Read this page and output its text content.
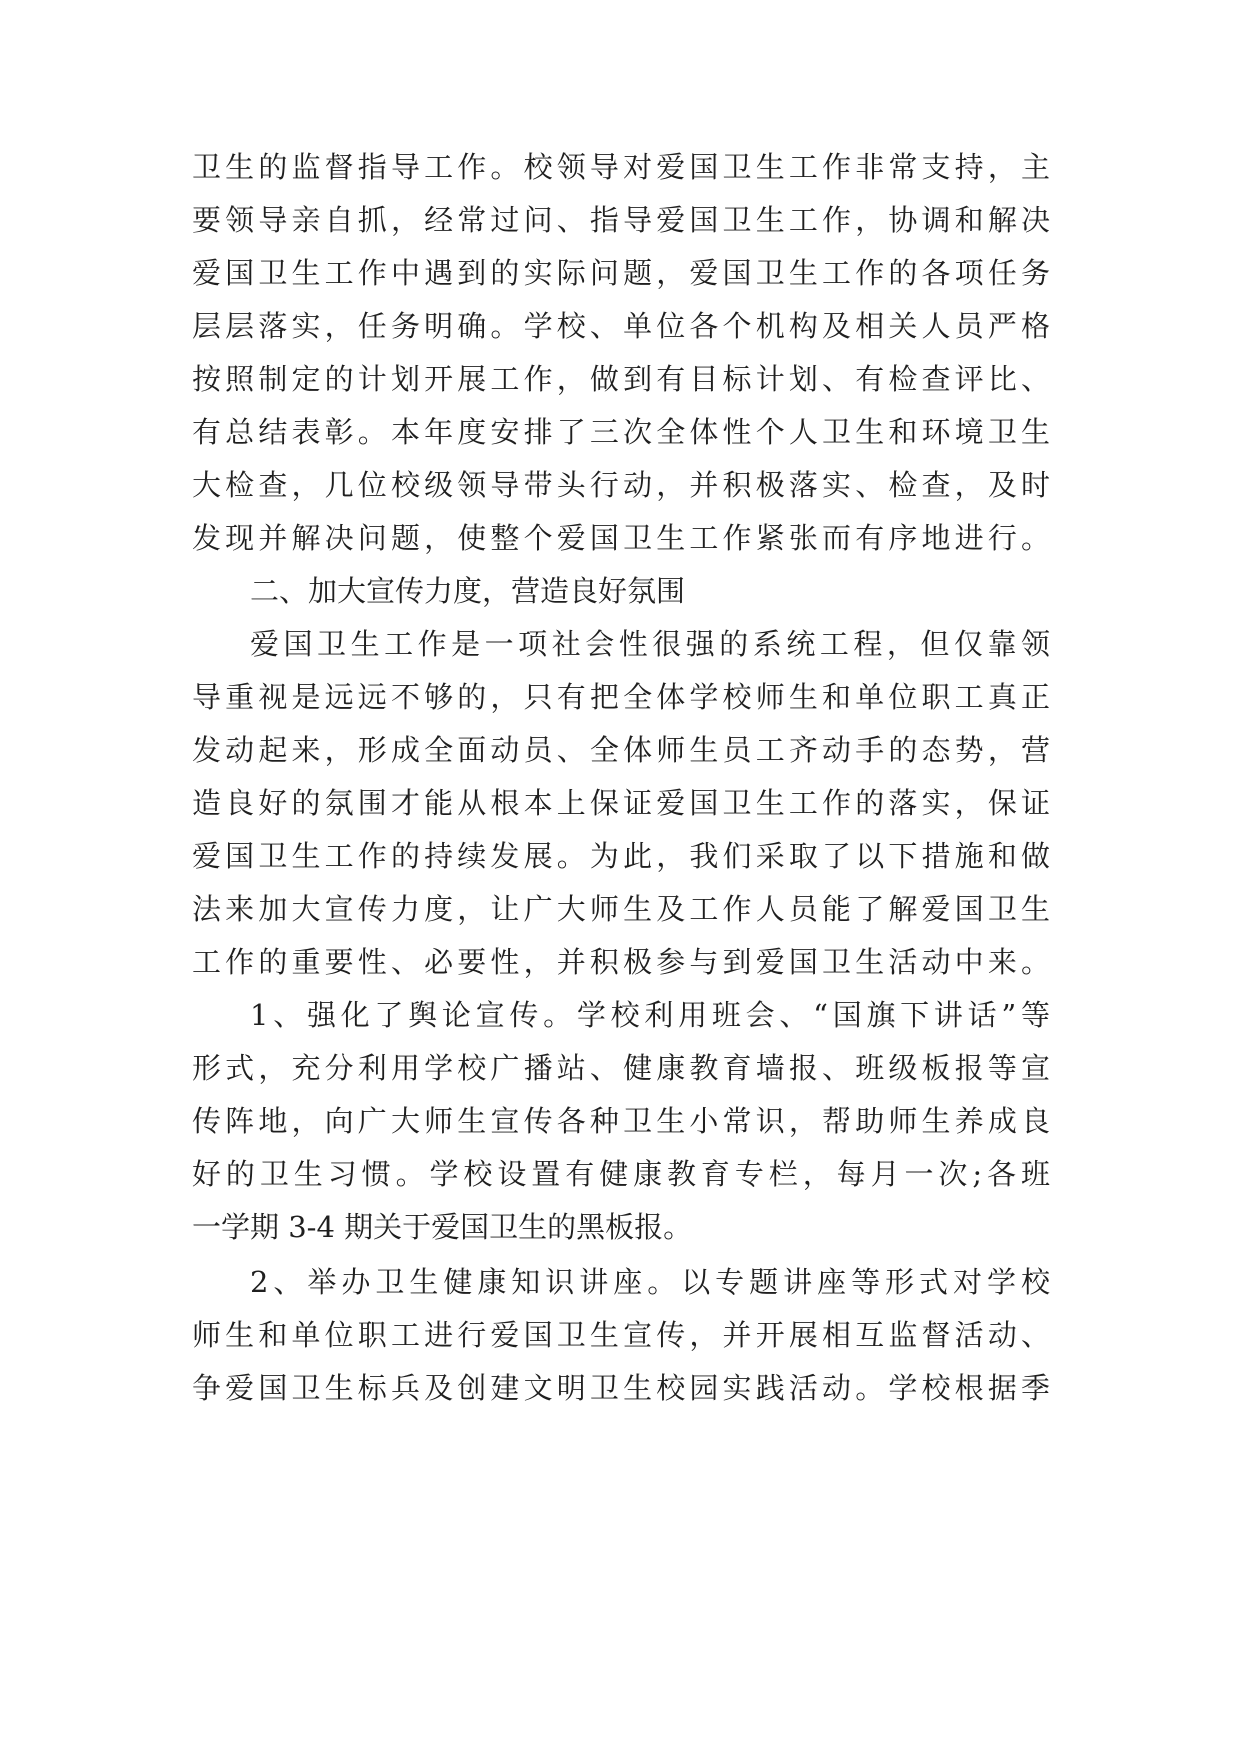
卫生的监督指导工作。校领导对爱国卫生工作非常支持，主

要领导亲自抓，经常过问、指导爱国卫生工作，协调和解决

爱国卫生工作中遇到的实际问题，爱国卫生工作的各项任务

层层落实，任务明确。学校、单位各个机构及相关人员严格

按照制定的计划开展工作，做到有目标计划、有检查评比、

有总结表彰。本年度安排了三次全体性个人卫生和环境卫生

大检查，几位校级领导带头行动，并积极落实、检查，及时

发现并解决问题，使整个爱国卫生工作紧张而有序地进行。

二、加大宣传力度，营造良好氛围

爱国卫生工作是一项社会性很强的系统工程，但仅靠领

导重视是远远不够的，只有把全体学校师生和单位职工真正

发动起来，形成全面动员、全体师生员工齐动手的态势，营

造良好的氛围才能从根本上保证爱国卫生工作的落实，保证

爱国卫生工作的持续发展。为此，我们采取了以下措施和做

法来加大宣传力度，让广大师生及工作人员能了解爱国卫生

工作的重要性、必要性，并积极参与到爱国卫生活动中来。

1、强化了舆论宣传。学校利用班会、“国旗下讲话”等

形式，充分利用学校广播站、健康教育墙报、班级板报等宣

传阵地，向广大师生宣传各种卫生小常识，帮助师生养成良

好的卫生习惯。学校设置有健康教育专栏，每月一次;各班

一学期 3-4 期关于爱国卫生的黑板报。

2、举办卫生健康知识讲座。以专题讲座等形式对学校

师生和单位职工进行爱国卫生宣传，并开展相互监督活动、

争爱国卫生标兵及创建文明卫生校园实践活动。学校根据季
